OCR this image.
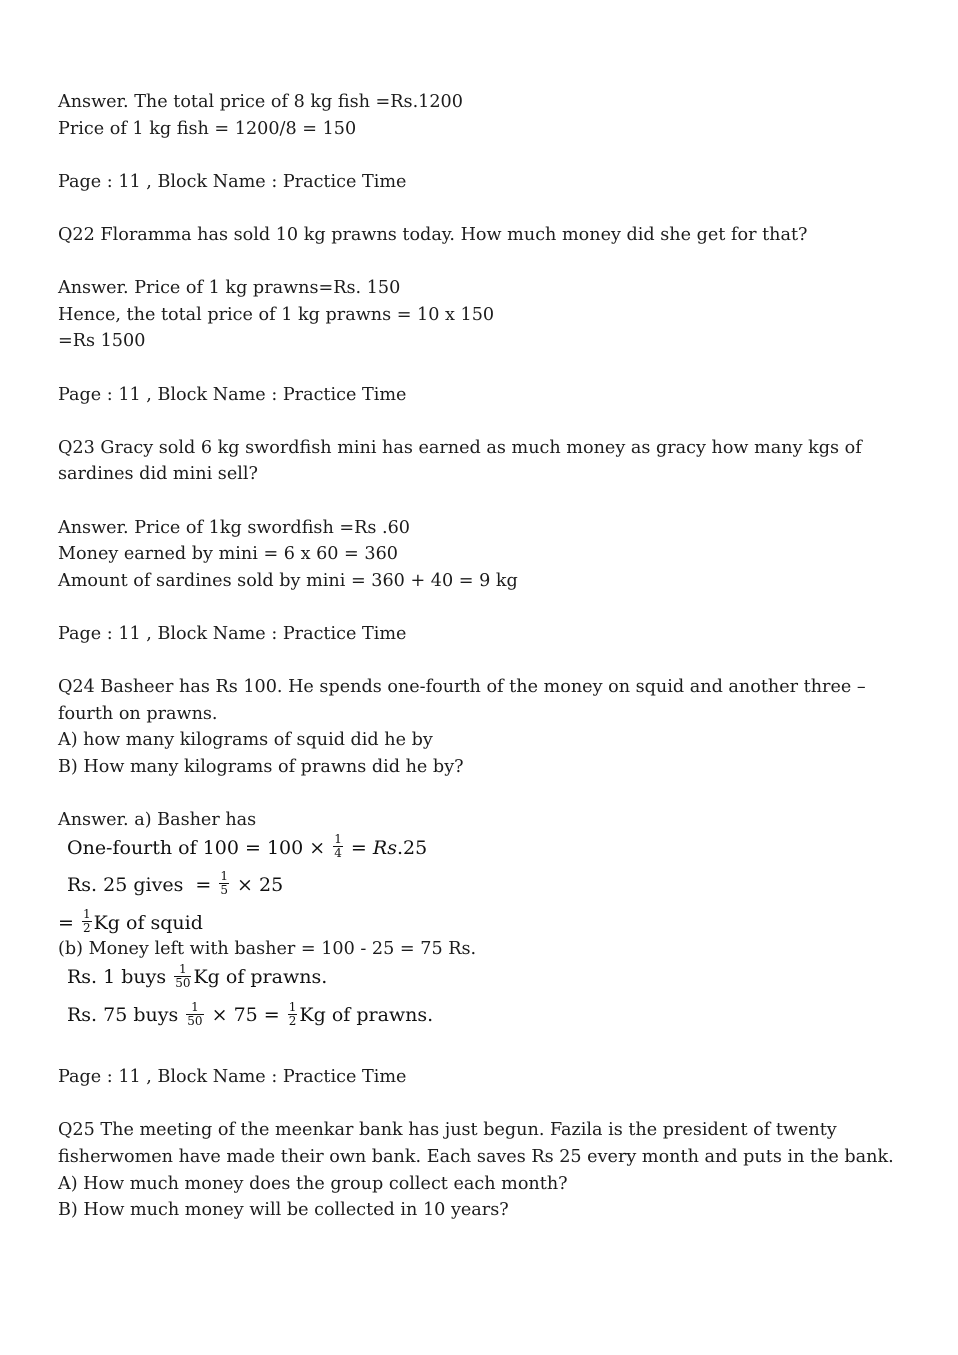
Answer. The total price of 8 kg fish =Rs.1200
Price of 1 kg fish = 1200/8 = 150
Page : 11 , Block Name : Practice Time
Q22 Floramma has sold 10 kg prawns today. How much money did she get for that?
Answer. Price of 1 kg prawns=Rs. 150
Hence, the total price of 1 kg prawns = 10 x 150
=Rs 1500
Page : 11 , Block Name : Practice Time
Q23 Gracy sold 6 kg swordfish mini has earned as much money as gracy how many kgs of sardines did mini sell?
Answer. Price of 1kg swordfish =Rs .60
Money earned by mini = 6 x 60 = 360
Amount of sardines sold by mini = 360 + 40 = 9 kg
Page : 11 , Block Name : Practice Time
Q24 Basheer has Rs 100. He spends one-fourth of the money on squid and another three – fourth on prawns.
A) how many kilograms of squid did he by
B) How many kilograms of prawns did he by?
Answer. a) Basher has
One-fourth of $100 = 100 \times \frac{1}{4} = Rs.25$
Rs. 25 gives = $\frac{1}{5} \times 25$
= $\frac{1}{2}$ Kg of squid
(b) Money left with basher = 100 - 25 = 75 Rs.
Rs. 1 buys $\frac{1}{50}$ Kg of prawns.
Rs. 75 buys $\frac{1}{50} \times 75 = \frac{1}{2}$ Kg of prawns.
Page : 11 , Block Name : Practice Time
Q25 The meeting of the meenkar bank has just begun. Fazila is the president of twenty fisherwomen have made their own bank. Each saves Rs 25 every month and puts in the bank.
A) How much money does the group collect each month?
B) How much money will be collected in 10 years?
